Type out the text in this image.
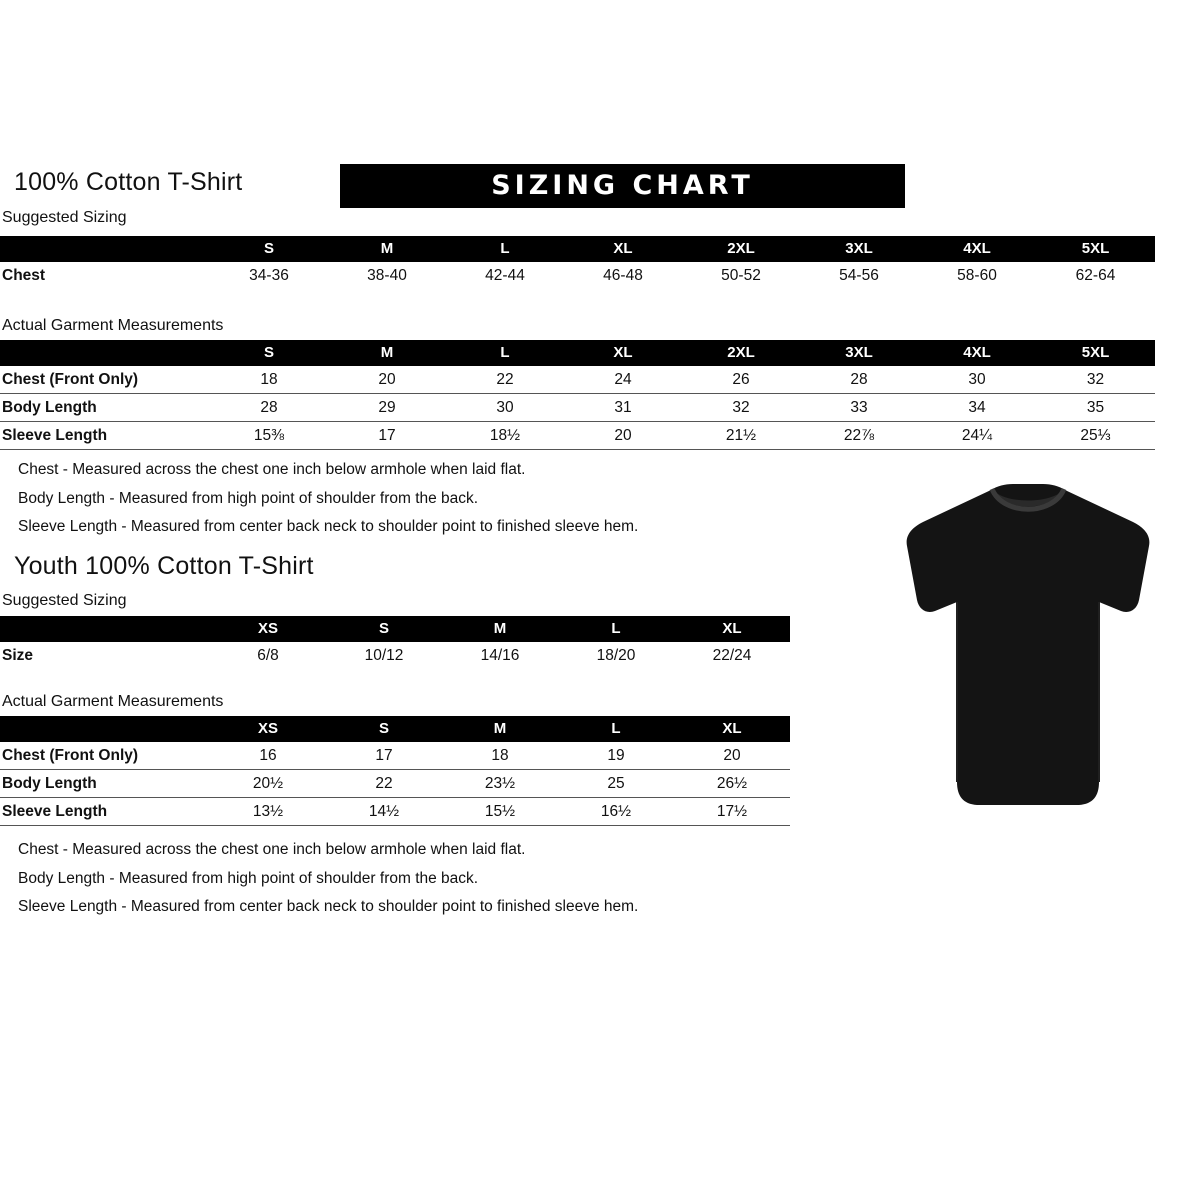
100% Cotton T-Shirt	SIZING CHART
Suggested Sizing
	S	M	L	XL	2XL	3XL	4XL	5XL
Chest	34-36	38-40	42-44	46-48	50-52	54-56	58-60	62-64
Actual Garment Measurements
	S	M	L	XL	2XL	3XL	4XL	5XL
Chest (Front Only)	18	20	22	24	26	28	30	32

Body Length	28	29	30	31	32	33	34	35

Sleeve Length	15⅜	17	18½	20	21½	22⅞	24¼	25⅓

Chest - Measured across the chest one inch below armhole when laid flat.
Body Length - Measured from high point of shoulder from the back.
Sleeve Length - Measured from center back neck to shoulder point to finished sleeve hem.
Youth 100% Cotton T-Shirt
Suggested Sizing
	XS	S	M	L	XL
Size	6/8	10/12	14/16	18/20	22/24
Actual Garment Measurements
	XS	S	M	L	XL
Chest (Front Only)	16	17	18	19	20

Body Length	20½	22	23½	25	26½

Sleeve Length	13½	14½	15½	16½	17½

Chest - Measured across the chest one inch below armhole when laid flat.
Body Length - Measured from high point of shoulder from the back.
Sleeve Length - Measured from center back neck to shoulder point to finished sleeve hem.
